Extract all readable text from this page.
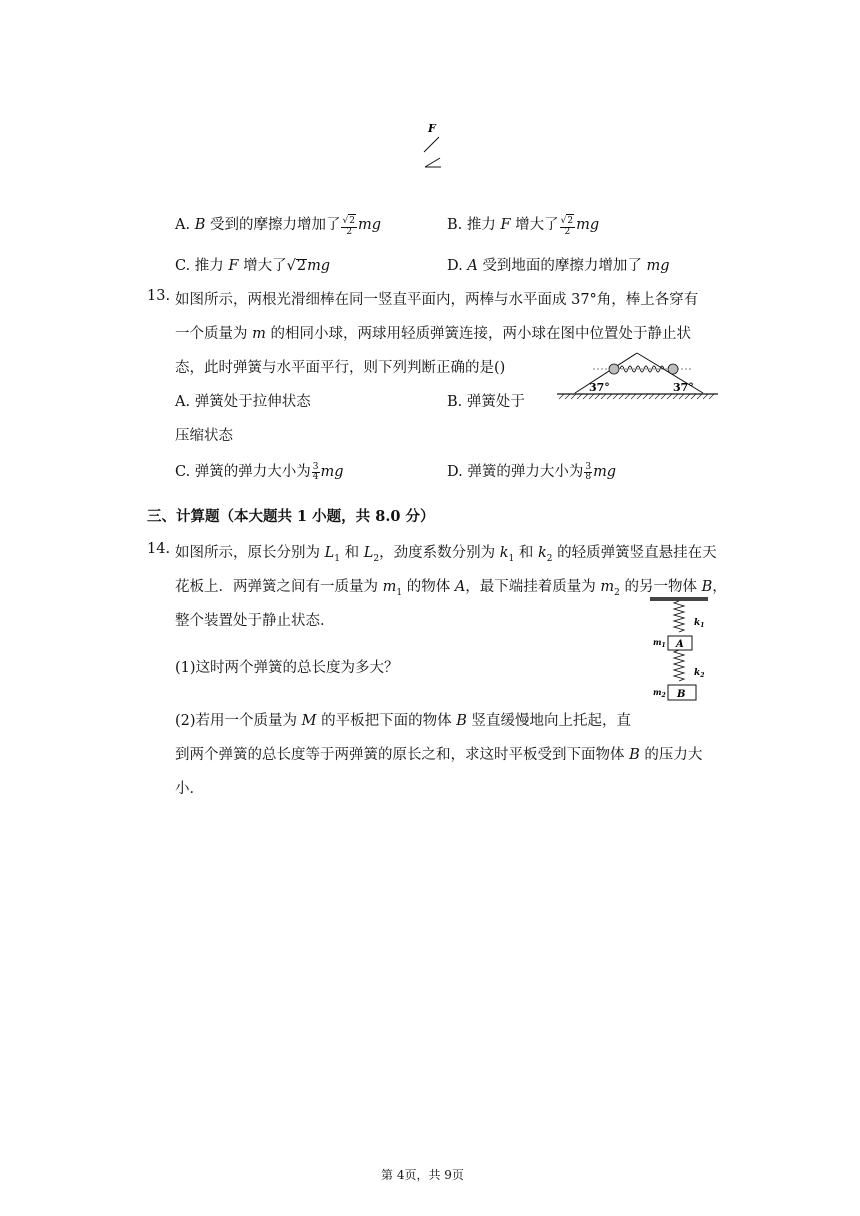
F
A. B 受到的摩擦力增加了 $\frac{√2}{2}$ mg	B. 推力 F 增大了 $\frac{√2}{2}$ mg
C. 推力 F 增大了√2mg	D. A 受到地面的摩擦力增加了 mg
13. 如图所示，两根光滑细棒在同一竖直平面内，两棒与水平面成 37°角，棒上各穿有
一个质量为 m 的相同小球，两球用轻质弹簧连接，两小球在图中位置处于静止状
态，此时弹簧与水平面平行，则下列判断正确的是()
37°	37°
A. 弹簧处于拉伸状态	B. 弹簧处于
压缩状态
C. 弹簧的弹力大小为 $\frac{3}{4}$ mg	D. 弹簧的弹力大小为 $\frac{3}{8}$ mg
三、计算题（本大题共 1 小题，共 8.0 分）
14. 如图所示，原长分别为 $L_1$ 和 $L_2$，劲度系数分别为 $k_1$ 和 $k_2$ 的轻质弹簧竖直悬挂在天
花板上．两弹簧之间有一质量为 $m_1$ 的物体 A，最下端挂着质量为 $m_2$ 的另一物体 B，
整个装置处于静止状态．
(1)这时两个弹簧的总长度为多大？
(2)若用一个质量为 M 的平板把下面的物体 B 竖直缓慢地向上托起，直
到两个弹簧的总长度等于两弹簧的原长之和，求这时平板受到下面物体 B 的压力大
小．
$k_1$
A
$m_1$
$k_2$
B
$m_2$
第 4页，共 9页
